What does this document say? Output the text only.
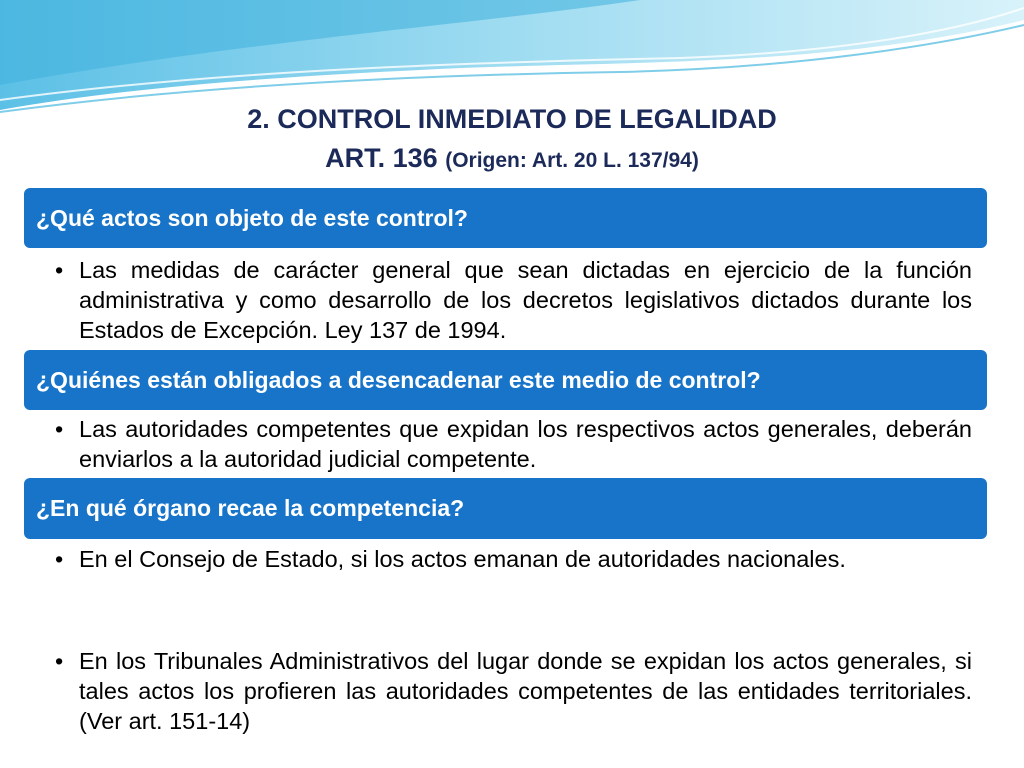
2. CONTROL INMEDIATO DE LEGALIDAD
ART. 136 (Origen: Art. 20 L. 137/94)
¿Qué actos son objeto de este control?
• Las medidas de carácter general que sean dictadas en ejercicio de la función administrativa y como desarrollo de los decretos legislativos dictados durante los Estados de Excepción. Ley 137 de 1994.
¿Quiénes están obligados a desencadenar este medio de control?
• Las autoridades competentes que expidan los respectivos actos generales, deberán enviarlos a la autoridad judicial competente.
¿En qué órgano recae la competencia?
• En el Consejo de Estado, si los actos emanan de autoridades nacionales.
• En los Tribunales Administrativos del lugar donde se expidan los actos generales, si tales actos los profieren las autoridades competentes de las entidades territoriales. (Ver art. 151-14)
